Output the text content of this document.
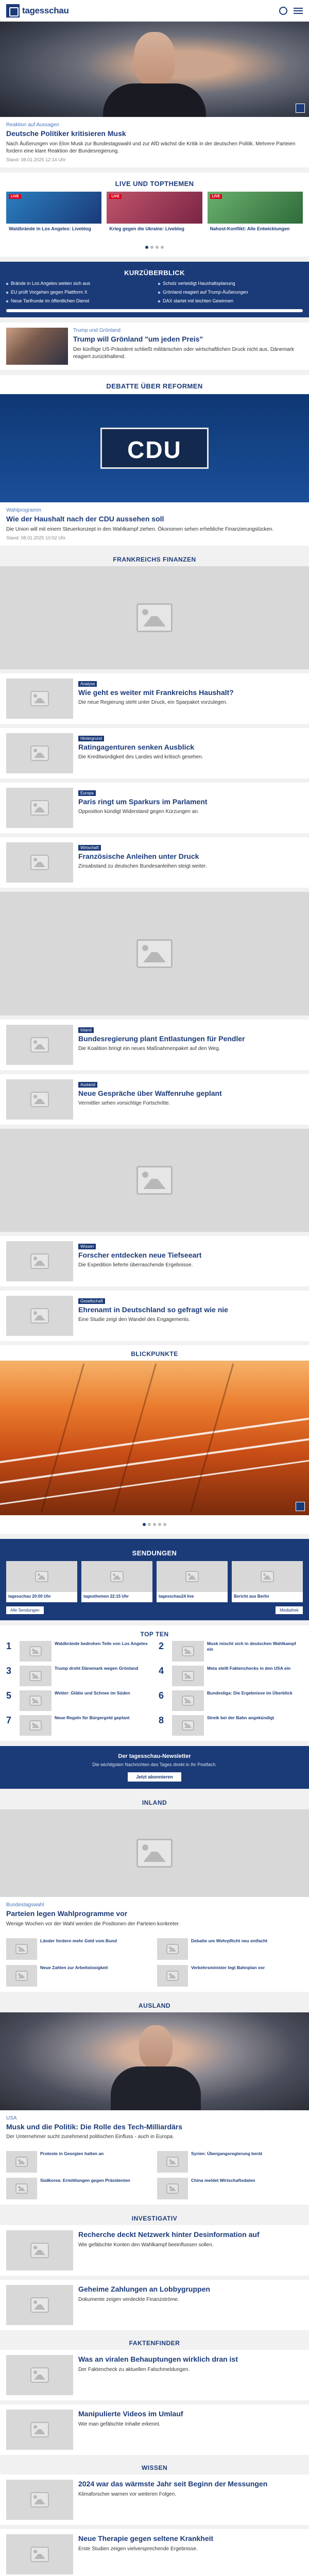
tagesschau
Reaktion auf Aussagen
Deutsche Politiker kritisieren Musk
Nach Äußerungen von Elon Musk zur Bundestagswahl und zur AfD wächst die Kritik in der deutschen Politik. Mehrere Parteien fordern eine klare Reaktion der Bundesregierung.
Stand: 08.01.2025 12:14 Uhr
LIVE UND TOPTHEMEN
LIVE
Waldbrände in Los Angeles: Liveblog
LIVE
Krieg gegen die Ukraine: Liveblog
LIVE
Nahost-Konflikt: Alle Entwicklungen
KURZÜBERBLICK
Brände in Los Angeles weiten sich aus	Scholz verteidigt Haushaltsplanung
EU prüft Vorgehen gegen Plattform X	Grönland reagiert auf Trump-Äußerungen
Neue Tarifrunde im öffentlichen Dienst	DAX startet mit leichten Gewinnen
Trump und Grönland
Trump will Grönland "um jeden Preis"
Der künftige US-Präsident schließt militärischen oder wirtschaftlichen Druck nicht aus. Dänemark reagiert zurückhaltend.
DEBATTE ÜBER REFORMEN
CDU
Wahlprogramm
Wie der Haushalt nach der CDU aussehen soll
Die Union will mit einem Steuerkonzept in den Wahlkampf ziehen. Ökonomen sehen erhebliche Finanzierungslücken.
Stand: 08.01.2025 10:02 Uhr
FRANKREICHS FINANZEN
Analyse
Wie geht es weiter mit Frankreichs Haushalt?
Die neue Regierung steht unter Druck, ein Sparpaket vorzulegen.
Hintergrund
Ratingagenturen senken Ausblick
Die Kreditwürdigkeit des Landes wird kritisch gesehen.
Europa
Paris ringt um Sparkurs im Parlament
Opposition kündigt Widerstand gegen Kürzungen an.
Wirtschaft
Französische Anleihen unter Druck
Zinsabstand zu deutschen Bundesanleihen steigt weiter.
Inland
Bundesregierung plant Entlastungen für Pendler
Die Koalition bringt ein neues Maßnahmenpaket auf den Weg.
Ausland
Neue Gespräche über Waffenruhe geplant
Vermittler sehen vorsichtige Fortschritte.
Wissen
Forscher entdecken neue Tiefseeart
Die Expedition lieferte überraschende Ergebnisse.
Gesellschaft
Ehrenamt in Deutschland so gefragt wie nie
Eine Studie zeigt den Wandel des Engagements.
BLICKPUNKTE
SENDUNGEN
tagesschau 20:00 Uhr	tagesthemen 22:15 Uhr	tagesschau24 live	Bericht aus Berlin
Alle Sendungen	Mediathek
TOP TEN
1	Waldbrände bedrohen Teile von Los Angeles 2	Musk mischt sich in deutschen Wahlkampf ein
3	Trump droht Dänemark wegen Grönland 4	Meta stellt Faktenchecks in den USA ein
5	Wetter: Glätte und Schnee im Süden	6	Bundesliga: Die Ergebnisse im Überblick
7	Neue Regeln für Bürgergeld geplant	8	Streik bei der Bahn angekündigt
Der tagesschau-Newsletter
Die wichtigsten Nachrichten des Tages direkt in Ihr Postfach.
Jetzt abonnieren
INLAND
Bundestagswahl
Parteien legen Wahlprogramme vor
Wenige Wochen vor der Wahl werden die Positionen der Parteien konkreter.
Länder fordern mehr Geld vom Bund	Debatte um Wehrpflicht neu entfacht
Neue Zahlen zur Arbeitslosigkeit	Verkehrsminister legt Bahnplan vor
AUSLAND
USA
Musk und die Politik: Die Rolle des Tech-Milliardärs
Der Unternehmer sucht zunehmend politischen Einfluss - auch in Europa.
Proteste in Georgien halten an	Syrien: Übergangsregierung berät
Südkorea: Ermittlungen gegen Präsidenten	China meldet Wirtschaftsdaten
INVESTIGATIV
Recherche deckt Netzwerk hinter Desinformation auf
Wie gefälschte Konten den Wahlkampf beeinflussen sollen.
Geheime Zahlungen an Lobbygruppen
Dokumente zeigen verdeckte Finanzströme.
FAKTENFINDER
Was an viralen Behauptungen wirklich dran ist
Der Faktencheck zu aktuellen Falschmeldungen.
Manipulierte Videos im Umlauf
Wie man gefälschte Inhalte erkennt.
WISSEN
2024 war das wärmste Jahr seit Beginn der Messungen
Klimaforscher warnen vor weiteren Folgen.
Neue Therapie gegen seltene Krankheit
Erste Studien zeigen vielversprechende Ergebnisse.
